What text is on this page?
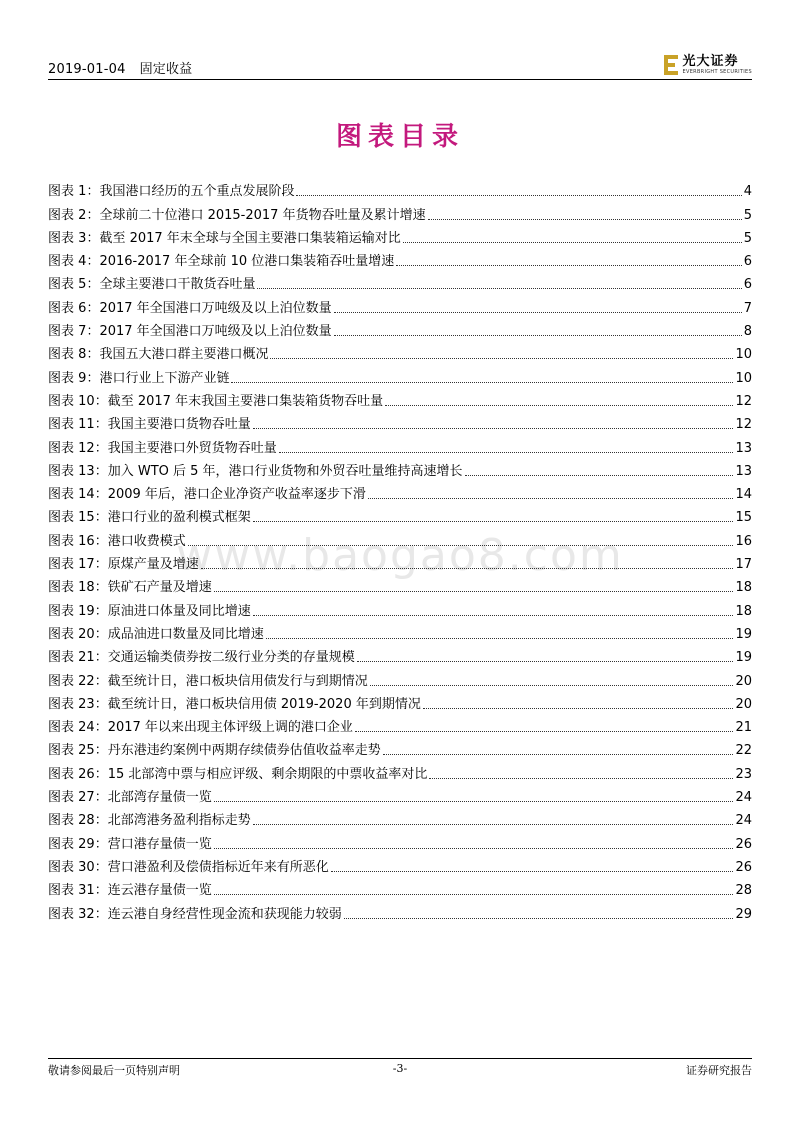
2019-01-04 固定收益
光大证券
EVERBRIGHT SECURITIES
图表目录
www.baogao8.com
图表 1：我国港口经历的五个重点发展阶段	4
图表 2：全球前二十位港口 2015-2017 年货物吞吐量及累计增速	5
图表 3：截至 2017 年末全球与全国主要港口集装箱运输对比	5
图表 4：2016-2017 年全球前 10 位港口集装箱吞吐量增速	6
图表 5：全球主要港口干散货吞吐量	6
图表 6：2017 年全国港口万吨级及以上泊位数量	7
图表 7：2017 年全国港口万吨级及以上泊位数量	8
图表 8：我国五大港口群主要港口概况	10
图表 9：港口行业上下游产业链	10
图表 10：截至 2017 年末我国主要港口集装箱货物吞吐量	12
图表 11：我国主要港口货物吞吐量	12
图表 12：我国主要港口外贸货物吞吐量	13
图表 13：加入 WTO 后 5 年，港口行业货物和外贸吞吐量维持高速增长	13
图表 14：2009 年后，港口企业净资产收益率逐步下滑	14
图表 15：港口行业的盈利模式框架	15
图表 16：港口收费模式	16
图表 17：原煤产量及增速	17
图表 18：铁矿石产量及增速	18
图表 19：原油进口体量及同比增速	18
图表 20：成品油进口数量及同比增速	19
图表 21：交通运输类债券按二级行业分类的存量规模	19
图表 22：截至统计日，港口板块信用债发行与到期情况	20
图表 23：截至统计日，港口板块信用债 2019-2020 年到期情况	20
图表 24：2017 年以来出现主体评级上调的港口企业	21
图表 25：丹东港违约案例中两期存续债券估值收益率走势	22
图表 26：15 北部湾中票与相应评级、剩余期限的中票收益率对比	23
图表 27：北部湾存量债一览	24
图表 28：北部湾港务盈利指标走势	24
图表 29：营口港存量债一览	26
图表 30：营口港盈利及偿债指标近年来有所恶化	26
图表 31：连云港存量债一览	28
图表 32：连云港自身经营性现金流和获现能力较弱	29
敬请参阅最后一页特别声明	-3-	证券研究报告
